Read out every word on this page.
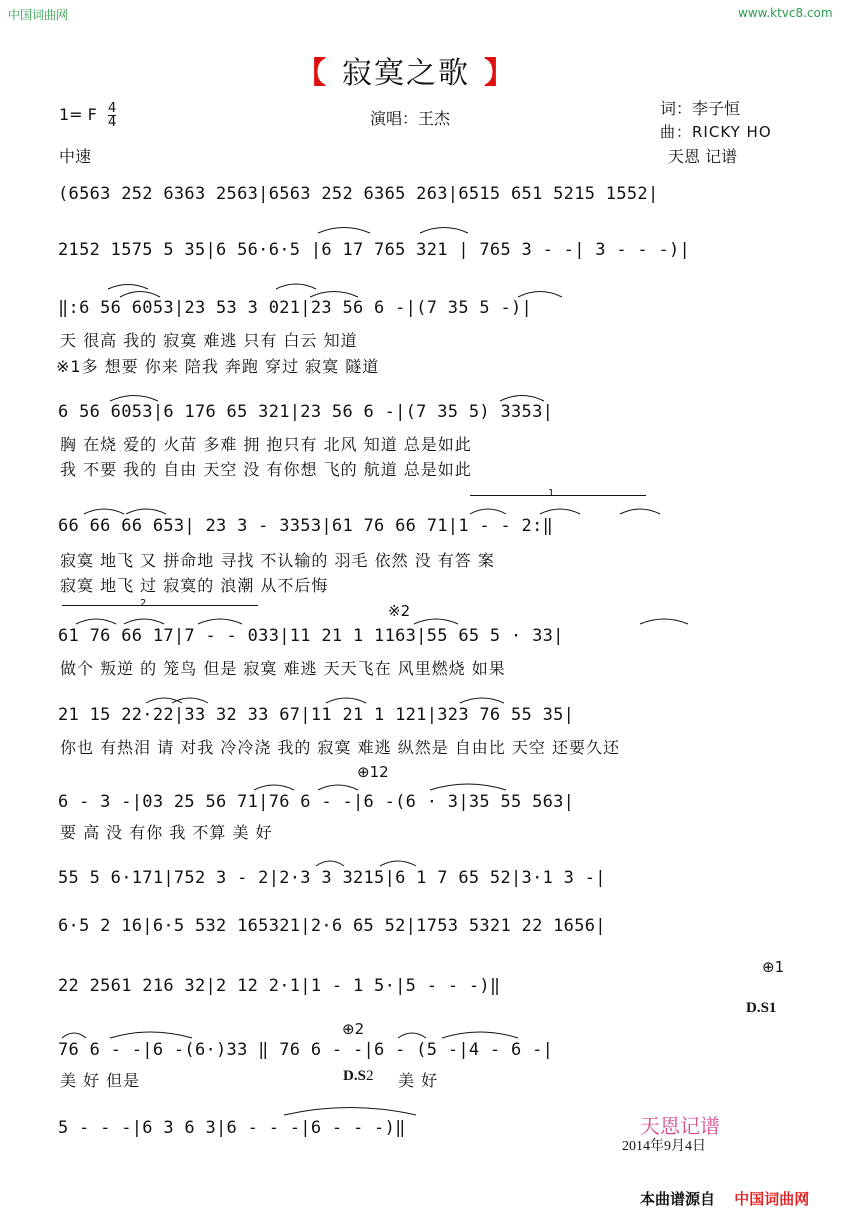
中国词曲网	www.ktvc8.com
【 寂寞之歌 】
1= F $\frac{4}{4}$
中速
演唱：王杰
词：李子恒
曲：RICKY HO
天恩 记谱
(6563 252 6363 2563|6563 252 6365 263|6515 651 5215 1552|
2152 1575 5 35|6 56·6·5 |6 17 765 321 | 765 3 - -| 3 - - -)|
‖:6 56 6053|23 53 3 021|23 56 6 -|(7 35 5 -)|
天 很高 我的 寂寞 难逃 只有 白云 知道
※1多 想要 你来 陪我 奔跑 穿过 寂寞 隧道
6 56 6053|6 176 65 321|23 56 6 -|(7 35 5) 3353|
胸 在烧 爱的 火苗 多难 拥 抱只有 北风 知道 总是如此
我 不要 我的 自由 天空 没 有你想 飞的 航道 总是如此
1
66 66 66 653| 23 3 - 3353|61 76 66 71|1 - - 2:‖
寂寞 地飞 又 拼命地 寻找 不认输的 羽毛 依然 没 有答 案
寂寞 地飞 过 寂寞的 浪潮 从不后悔
2	※2
61 76 66 17|7 - - 033|11 21 1 1163|55 65 5 · 33|
做个 叛逆 的 笼鸟 但是 寂寞 难逃 天天飞在 风里燃烧 如果
21 15 22·22|33 32 33 67|11 21 1 121|323 76 55 35|
你也 有热泪 请 对我 冷冷浇 我的 寂寞 难逃 纵然是 自由比 天空 还要久还
⊕12
6 - 3 -|03 25 56 71|76 6 - -|6 -(6 · 3|35 55 563|
要 高 没 有你 我 不算 美 好
55 5 6·171|752 3 - 2|2·3 3 3215|6 1 7 65 52|3·1 3 -|
6·5 2 16|6·5 532 165321|2·6 65 52|1753 5321 22 1656|
⊕1
22 2561 216 32|2 12 2·1|1 - 1 5·|5 - - -)‖
D.S1
⊕2
76 6 - -|6 -(6·)33 ‖ 76 6 - -|6 - (5 -|4 - 6 -|
美 好 但是	D.S2 美 好
5 - - -|6 3 6 3|6 - - -|6 - - -)‖	天恩记谱
2014年9月4日
本曲谱源自 中国词曲网
